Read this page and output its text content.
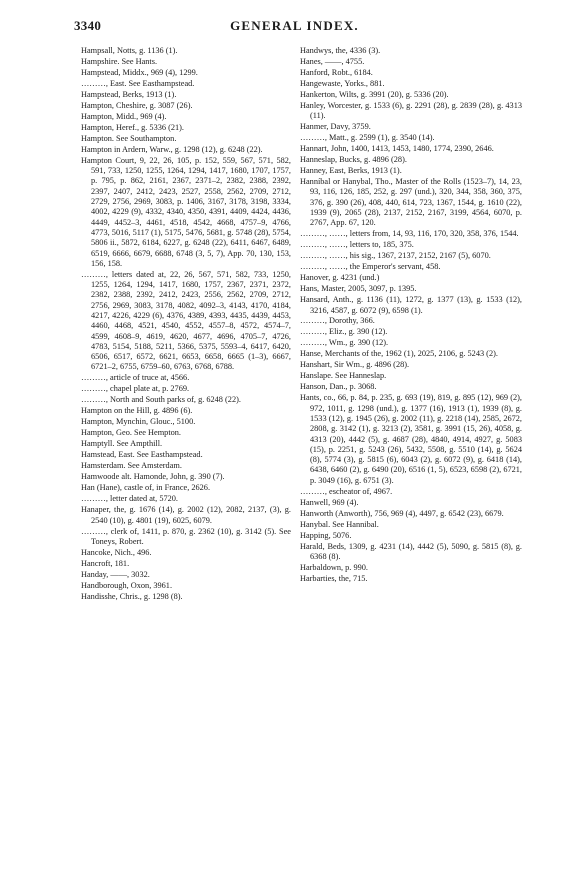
3340	GENERAL INDEX.

Hampsall, Notts, g. 1136 (1).

Hampshire. See Hants.

Hampstead, Middx., 969 (4), 1299.

………, East. See Easthampstead.

Hampstead, Berks, 1913 (1).

Hampton, Cheshire, g. 3087 (26).

Hampton, Midd., 969 (4).

Hampton, Heref., g. 5336 (21).

Hampton. See Southampton.

Hampton in Ardern, Warw., g. 1298 (12), g. 6248 (22).

Hampton Court, 9, 22, 26, 105, p. 152, 559, 567, 571, 582, 591, 733, 1250, 1255, 1264, 1294, 1417, 1680, 1707, 1757, p. 795, p. 862, 2161, 2367, 2371–2, 2382, 2388, 2392, 2397, 2407, 2412, 2423, 2527, 2558, 2562, 2709, 2712, 2729, 2756, 2969, 3083, p. 1406, 3167, 3178, 3198, 3334, 4002, 4229 (9), 4332, 4340, 4350, 4391, 4409, 4424, 4436, 4449, 4452–3, 4461, 4518, 4542, 4668, 4757–9, 4766, 4773, 5016, 5117 (1), 5175, 5476, 5681, g. 5748 (28), 5754, 5806 ii., 5872, 6184, 6227, g. 6248 (22), 6411, 6467, 6489, 6519, 6666, 6679, 6688, 6748 (3, 5, 7), App. 70, 130, 153, 156, 158.

………, letters dated at, 22, 26, 567, 571, 582, 733, 1250, 1255, 1264, 1294, 1417, 1680, 1757, 2367, 2371, 2372, 2382, 2388, 2392, 2412, 2423, 2556, 2562, 2709, 2712, 2756, 2969, 3083, 3178, 4082, 4092–3, 4143, 4170, 4184, 4217, 4226, 4229 (6), 4376, 4389, 4393, 4435, 4439, 4453, 4460, 4468, 4521, 4540, 4552, 4557–8, 4572, 4574–7, 4599, 4608–9, 4619, 4620, 4677, 4696, 4705–7, 4726, 4783, 5154, 5188, 5211, 5366, 5375, 5593–4, 6417, 6420, 6506, 6517, 6572, 6621, 6653, 6658, 6665 (1–3), 6667, 6721–2, 6755, 6759–60, 6763, 6768, 6788.

………, article of truce at, 4566.

………, chapel plate at, p. 2769.

………, North and South parks of, g. 6248 (22).

Hampton on the Hill, g. 4896 (6).

Hampton, Mynchin, Glouc., 5100.

Hampton, Geo. See Hempton.

Hamptyll. See Ampthill.

Hamstead, East. See Easthampstead.

Hamsterdam. See Amsterdam.

Hamwoode alt. Hamonde, John, g. 390 (7).

Han (Hane), castle of, in France, 2626.

………, letter dated at, 5720.

Hanaper, the, g. 1676 (14), g. 2002 (12), 2082, 2137, (3), g. 2540 (10), g. 4801 (19), 6025, 6079.

………, clerk of, 1411, p. 870, g. 2362 (10), g. 3142 (5). See Toneys, Robert.

Hancoke, Nich., 496.

Hancroft, 181.

Handay, ——, 3032.

Handborough, Oxon, 3961.

Handisshe, Chris., g. 1298 (8).

Handwys, the, 4336 (3).

Hanes, ——, 4755.

Hanford, Robt., 6184.

Hangewaste, Yorks., 881.

Hankerton, Wilts, g. 3991 (20), g. 5336 (20).

Hanley, Worcester, g. 1533 (6), g. 2291 (28), g. 2839 (28), g. 4313 (11).

Hanmer, Davy, 3759.

………, Matt., g. 2599 (1), g. 3540 (14).

Hannart, John, 1400, 1413, 1453, 1480, 1774, 2390, 2646.

Hanneslap, Bucks, g. 4896 (28).

Hanney, East, Berks, 1913 (1).

Hanníbal or Hanybal, Tho., Master of the Rolls (1523–7), 14, 23, 93, 116, 126, 185, 252, g. 297 (und.), 320, 344, 358, 360, 375, 376, g. 390 (26), 408, 440, 614, 723, 1367, 1544, g. 1610 (22), 1939 (9), 2065 (28), 2137, 2152, 2167, 3199, 4564, 6070, p. 2767, App. 67, 120.

………, ……, letters from, 14, 93, 116, 170, 320, 358, 376, 1544.

………, ……, letters to, 185, 375.

………, ……, his sig., 1367, 2137, 2152, 2167 (5), 6070.

………, ……, the Emperor's servant, 458.

Hanover, g. 4231 (und.)

Hans, Master, 2005, 3097, p. 1395.

Hansard, Anth., g. 1136 (11), 1272, g. 1377 (13), g. 1533 (12), 3216, 4587, g. 6072 (9), 6598 (1).

………, Dorothy, 366.

………, Eliz., g. 390 (12).

………, Wm., g. 390 (12).

Hanse, Merchants of the, 1962 (1), 2025, 2106, g. 5243 (2).

Hanshart, Sir Wm., g. 4896 (28).

Hanslape. See Hanneslap.

Hanson, Dan., p. 3068.

Hants, co., 66, p. 84, p. 235, g. 693 (19), 819, g. 895 (12), 969 (2), 972, 1011, g. 1298 (und.), g. 1377 (16), 1913 (1), 1939 (8), g. 1533 (12), g. 1945 (26), g. 2002 (11), g. 2218 (14), 2585, 2672, 2808, g. 3142 (1), g. 3213 (2), 3581, g. 3991 (15, 26), 4058, g. 4313 (20), 4442 (5), g. 4687 (28), 4840, 4914, 4927, g. 5083 (15), p. 2251, g. 5243 (26), 5432, 5508, g. 5510 (14), g. 5624 (8), 5774 (3), g. 5815 (6), 6043 (2), g. 6072 (9), g. 6418 (14), 6438, 6460 (2), g. 6490 (20), 6516 (1, 5), 6523, 6598 (2), 6721, p. 3049 (16), g. 6751 (3).

………, escheator of, 4967.

Hanwell, 969 (4).

Hanworth (Anworth), 756, 969 (4), 4497, g. 6542 (23), 6679.

Hanybal. See Hannibal.

Happing, 5076.

Harald, Beds, 1309, g. 4231 (14), 4442 (5), 5090, g. 5815 (8), g. 6368 (8).

Harbaldown, p. 990.

Harbarties, the, 715.
